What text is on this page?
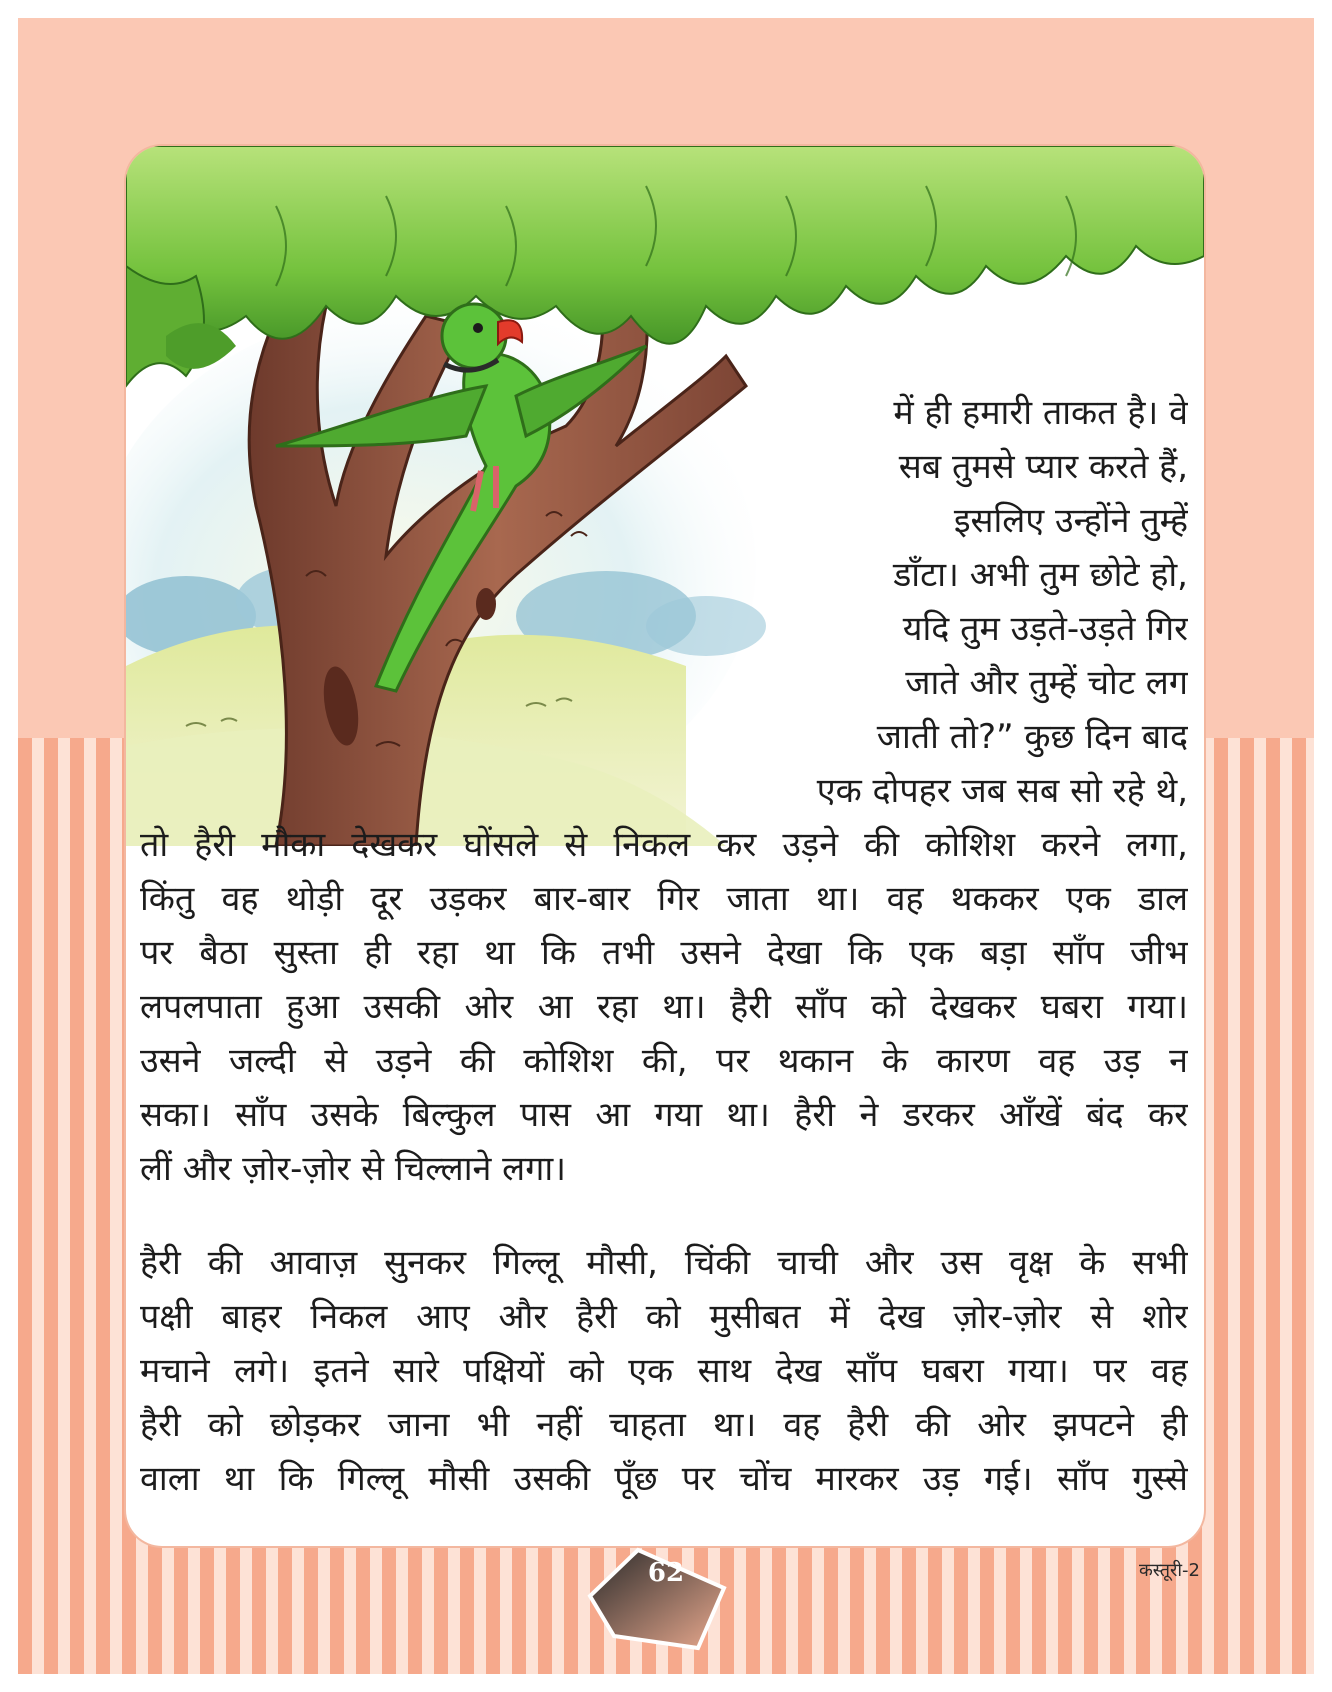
में ही हमारी ताकत है। वे
सब तुमसे प्यार करते हैं,
इसलिए उन्होंने तुम्हें
डाँटा। अभी तुम छोटे हो,
यदि तुम उड़ते-उड़ते गिर
जाते और तुम्हें चोट लग
जाती तो?” कुछ दिन बाद
एक दोपहर जब सब सो रहे थे,
तो हैरी मौका देखकर घोंसले से निकल कर उड़ने की कोशिश करने लगा,
किंतु वह थोड़ी दूर उड़कर बार-बार गिर जाता था। वह थककर एक डाल
पर बैठा सुस्ता ही रहा था कि तभी उसने देखा कि एक बड़ा साँप जीभ
लपलपाता हुआ उसकी ओर आ रहा था। हैरी साँप को देखकर घबरा गया।
उसने जल्दी से उड़ने की कोशिश की, पर थकान के कारण वह उड़ न
सका। साँप उसके बिल्कुल पास आ गया था। हैरी ने डरकर आँखें बंद कर
लीं और ज़ोर-ज़ोर से चिल्लाने लगा।
हैरी की आवाज़ सुनकर गिल्लू मौसी, चिंकी चाची और उस वृक्ष के सभी
पक्षी बाहर निकल आए और हैरी को मुसीबत में देख ज़ोर-ज़ोर से शोर
मचाने लगे। इतने सारे पक्षियों को एक साथ देख साँप घबरा गया। पर वह
हैरी को छोड़कर जाना भी नहीं चाहता था। वह हैरी की ओर झपटने ही
वाला था कि गिल्लू मौसी उसकी पूँछ पर चोंच मारकर उड़ गई। साँप गुस्से
62	कस्तूरी-2
